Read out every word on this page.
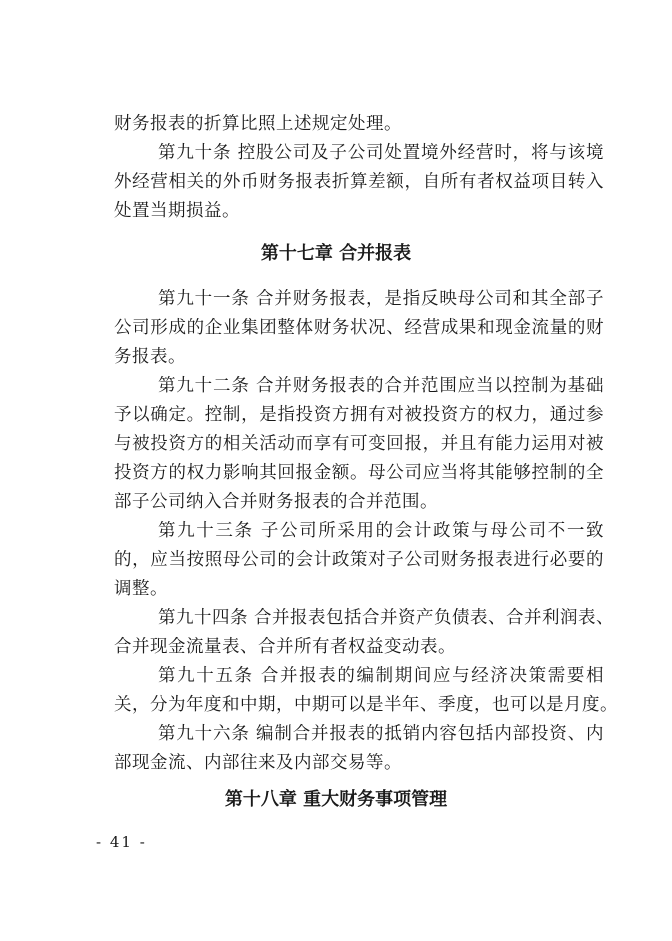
财务报表的折算比照上述规定处理。
第九十条 控股公司及子公司处置境外经营时，将与该境
外经营相关的外币财务报表折算差额，自所有者权益项目转入
处置当期损益。
第十七章 合并报表
第九十一条 合并财务报表，是指反映母公司和其全部子
公司形成的企业集团整体财务状况、经营成果和现金流量的财
务报表。
第九十二条 合并财务报表的合并范围应当以控制为基础
予以确定。控制，是指投资方拥有对被投资方的权力，通过参
与被投资方的相关活动而享有可变回报，并且有能力运用对被
投资方的权力影响其回报金额。母公司应当将其能够控制的全
部子公司纳入合并财务报表的合并范围。
第九十三条 子公司所采用的会计政策与母公司不一致
的，应当按照母公司的会计政策对子公司财务报表进行必要的
调整。
第九十四条 合并报表包括合并资产负债表、合并利润表、
合并现金流量表、合并所有者权益变动表。
第九十五条 合并报表的编制期间应与经济决策需要相
关，分为年度和中期，中期可以是半年、季度，也可以是月度。
第九十六条 编制合并报表的抵销内容包括内部投资、内
部现金流、内部往来及内部交易等。
第十八章 重大财务事项管理
- 41 -
